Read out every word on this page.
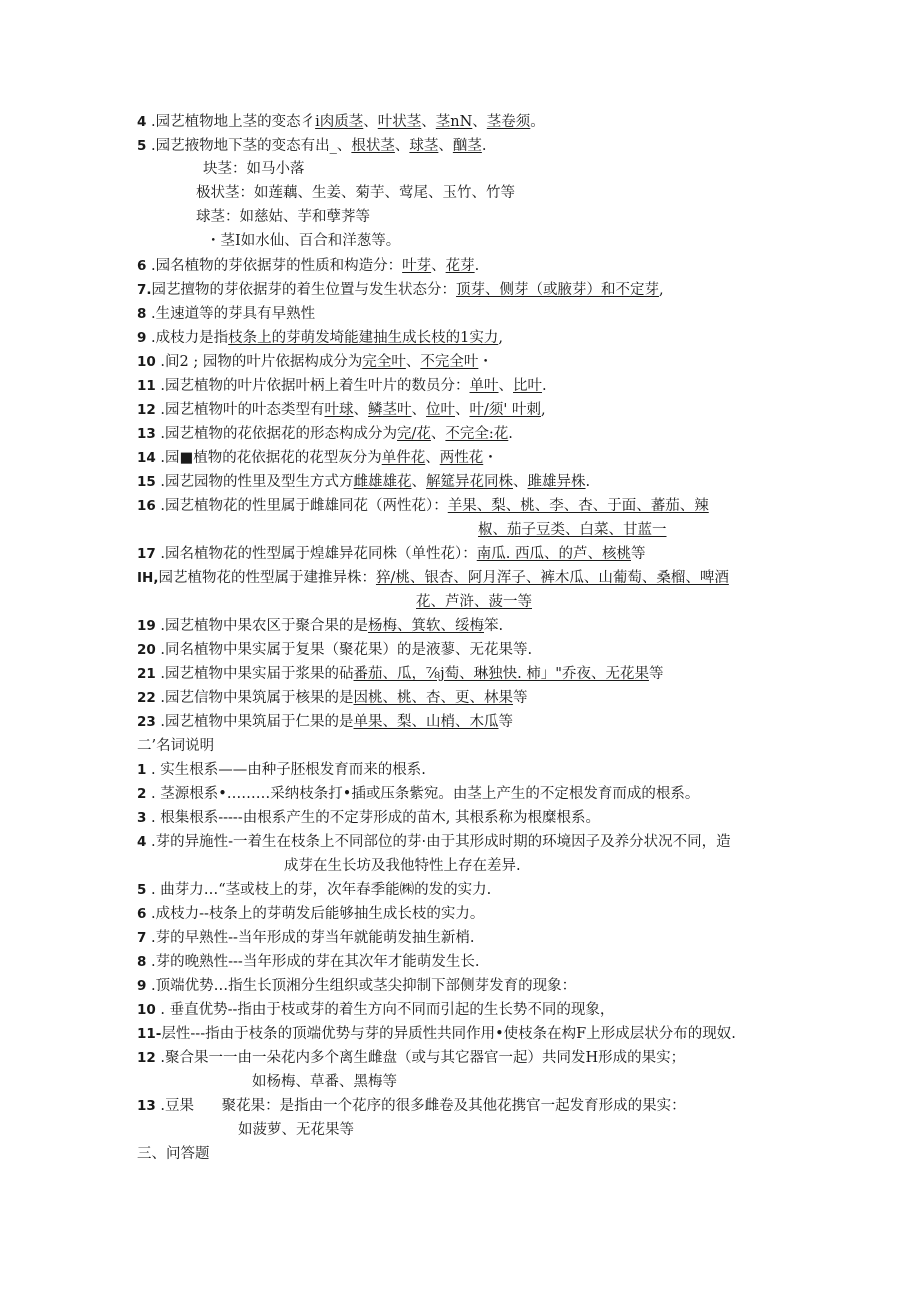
4 .园艺植物地上茎的变态彳i肉质茎、叶状茎、茎nN、茎卷须。
5 .园艺掖物地下茎的变态有出_、根状茎、球茎、酗茎.
块茎：如马小落
极状茎：如莲藕、生姜、菊芋、莺尾、玉竹、竹等
球茎：如慈姑、芋和孽荠等
・茎I如水仙、百合和洋葱等。
6 .园名植物的芽依据芽的性质和构造分：叶芽、花芽.
7.园艺擅物的芽依据芽的着生位置与发生状态分：顶芽、侧芽（或腋芽）和不定芽,
8 .生速道等的芽具有早熟性
9 .成枝力是指枝条上的芽萌发埼能建抽生成长枝的1实力,
10 .间2 ; 园物的叶片依据构成分为完全叶、不完全叶・
11 .园艺植物的叶片依据叶柄上着生叶片的数员分：单叶、比叶.
12 .园艺植物叶的叶态类型有叶球、鳞茎叶、位叶、叶/须' 叶刺,
13 .园艺植物的花依据花的形态构成分为完/花、不完全:花.
14 .园■植物的花依据花的花型灰分为单件花、两性花・
15 .园艺园物的性里及型生方式方雌雄雄花、解筵异花同株、雎雄异株.
16 .园艺植物花的性里属于雌雄同花（两性花）：羊果、梨、桃、李、杏、于面、蕃茄、辣
椒、茄子豆类、白菜、甘蓝一
17 .园名植物花的性型属于煌雄异花同株（单性花）：南瓜. 西瓜、的芦、核桃等
IH,园艺植物花的性型属于建推异株：猝/桃、银杏、阿月浑子、裤木瓜、山葡萄、桑榴、啤酒
花、芦浒、菠一等
19 .园艺植物中果农区于聚合果的是杨梅、箕软、绥梅笨.
20 .同名植物中果实属于复果（聚花果）的是液蓼、无花果等.
21 .园艺植物中果实届于浆果的砧番茄、瓜，⅞j萄、琳独快. 柿」"乔夜、无花果等
22 .园艺信物中果筑属于核果的是因桃、桃、杏、更、林果等
23 .园艺植物中果筑届于仁果的是单果、梨、山梢、木瓜等
二’名词说明
1 . 实生根系——由种子胚根发育而来的根系.
2 . 茎源根系•………采纳枝条打•插或压条紫宛。由茎上产生的不定根发育而成的根系。
3 . 根集根系-----由根系产生的不定芽形成的苗木, 其根系称为根糜根系。
4 .芽的异施性-一着生在枝条上不同部位的芽·由于其形成时期的环境因子及养分状况不同，造
成芽在生长坊及我他特性上存在差异.
5 . 曲芽力…“茎或枝上的芽，次年春季能㈱的发的实力.
6 .成枝力--枝条上的芽萌发后能够抽生成长枝的实力。
7 .芽的早熟性--当年形成的芽当年就能萌发抽生新梢.
8 .芽的晚熟性---当年形成的芽在其次年才能萌发生长.
9 .顶端优势…指生长顶湘分生组织或茎尖抑制下部侧芽发育的现象：
10 . 垂直优势--指由于枝或芽的着生方向不同而引起的生长势不同的现象，
11-层性---指由于枝条的顶端优势与芽的异质性共同作用•使枝条在构F上形成层状分布的现奴.
12 .聚合果一一由一朵花内多个离生雌盘（或与其它器官一起）共同发H形成的果实；
如杨梅、草番、黑梅等
13 .豆果      聚花果：是指由一个花序的很多雌卷及其他花携官一起发育形成的果实：
如菠萝、无花果等
三、问答题
